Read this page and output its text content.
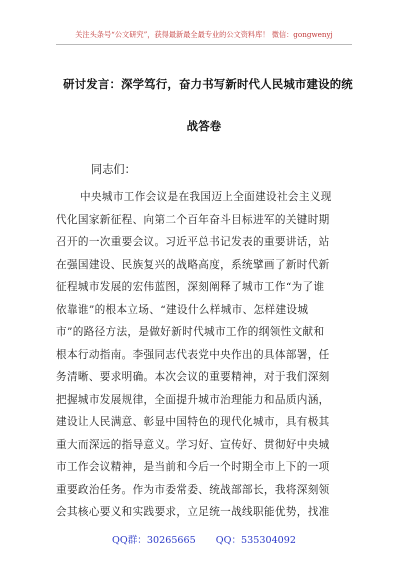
关注头条号“公文研究”，获得最新最全最专业的公文资料库！ 微信：gongwenyj
研讨发言：深学笃行，奋力书写新时代人民城市建设的统
战答卷
同志们：
中央城市工作会议是在我国迈上全面建设社会主义现
代化国家新征程、向第二个百年奋斗目标进军的关键时期
召开的一次重要会议。习近平总书记发表的重要讲话，站
在强国建设、民族复兴的战略高度，系统擘画了新时代新
征程城市发展的宏伟蓝图，深刻阐释了城市工作“为了谁
依靠谁”的根本立场、“建设什么样城市、怎样建设城
市”的路径方法，是做好新时代城市工作的纲领性文献和
根本行动指南。李强同志代表党中央作出的具体部署，任
务清晰、要求明确。本次会议的重要精神，对于我们深刻
把握城市发展规律，全面提升城市治理能力和品质内涵，
建设让人民满意、彰显中国特色的现代化城市，具有极其
重大而深远的指导意义。学习好、宣传好、贯彻好中央城
市工作会议精神，是当前和今后一个时期全市上下的一项
重要政治任务。作为市委常委、统战部部长，我将深刻领
会其核心要义和实践要求，立足统一战线职能优势，找准
QQ群：30265665 QQ：535304092
